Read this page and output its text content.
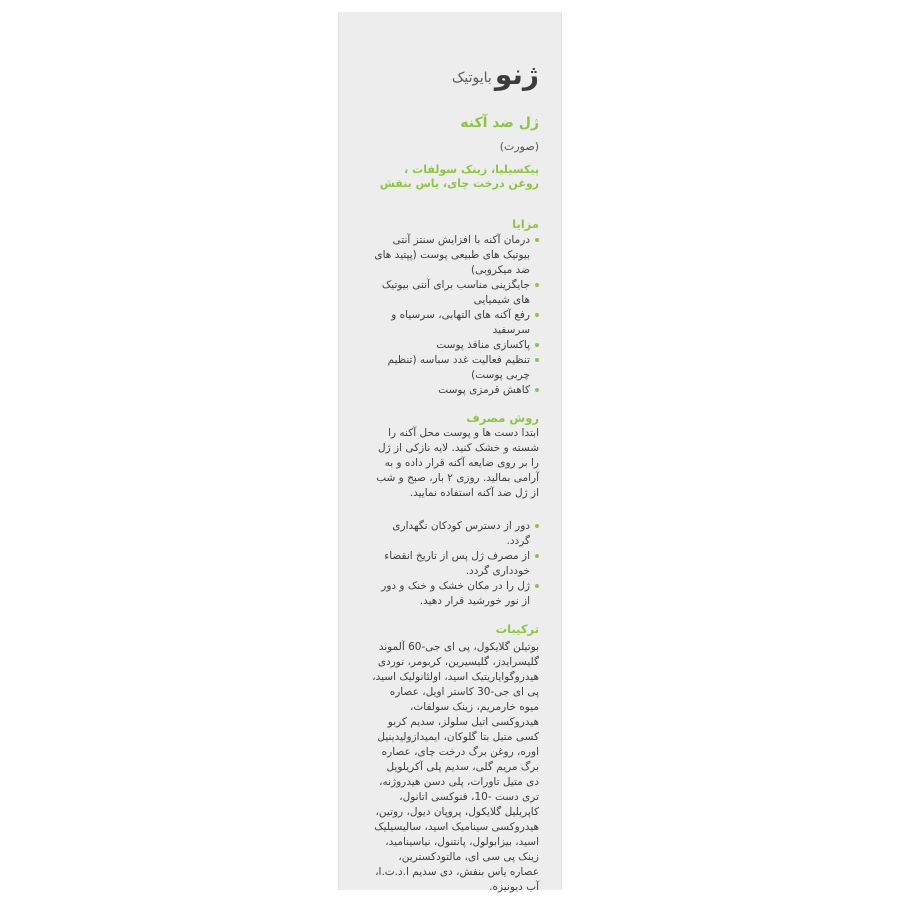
بایوتیک ژنو
ژل ضد آکنه
(صورت)
پیکسیلیا، زینک سولفات ، روغن درخت چای، یاس بنفش
مزایا
درمان آکنه با افزایش سنتز آنتی بیوتیک های طبیعی پوست (پپتید های ضد میکروبی)
جایگزینی مناسب برای آنتی بیوتیک های شیمیایی
رفع آکنه های التهابی، سرسیاه و سرسفید
پاکسازی منافذ پوست
تنظیم فعالیت غدد سباسه (تنظیم چربی پوست)
کاهش قرمزی پوست
روش مصرف

ابتدا دست ها و پوست محل آکنه را شسته و خشک کنید. لایه نازکی از ژل را بر روی ضایعه آکنه قرار داده و به آرامی بمالید. روزی ۲ بار، صبح و شب از ژل ضد آکنه استفاده نمایید.

دور از دسترس کودکان نگهداری گردد.
از مصرف ژل پس از تاریخ انقضاء خودداری گردد.
ژل را در مکان خشک و خنک و دور از نور خورشید قرار دهید.
ترکیبات

بوتیلن گلایکول، پی ای جی-60 آلموند گلیسرایدز، گلیسیرین، کربومر، نوردی هیدروگوایاریتیک اسید، اولئانولیک اسید، پی ای جی-30 کاستر اویل، عصاره میوه خارمریم، زینک سولفات، هیدروکسی اتیل سلولز، سدیم کربو کسی متیل بتا گلوکان، ایمیدازولیدینیل اوره، روغن برگ درخت چای، عصاره برگ مریم گلی، سدیم پلی آکریلویل دی متیل تاورات، پلی دسن هیدروژنه، تری دست -10، فنوکسی اتانول، کاپریلیل گلایکول، پروپان دیول، روتین، هیدروکسی سینامیک اسید، سالیسیلیک اسید، بیزابولول، پانتنول، نیاسینامید، زینک پی سی ای، مالتودکسترین، عصاره یاس بنفش، دی سدیم ا.د.ت.ا، آب دیونیزه.
